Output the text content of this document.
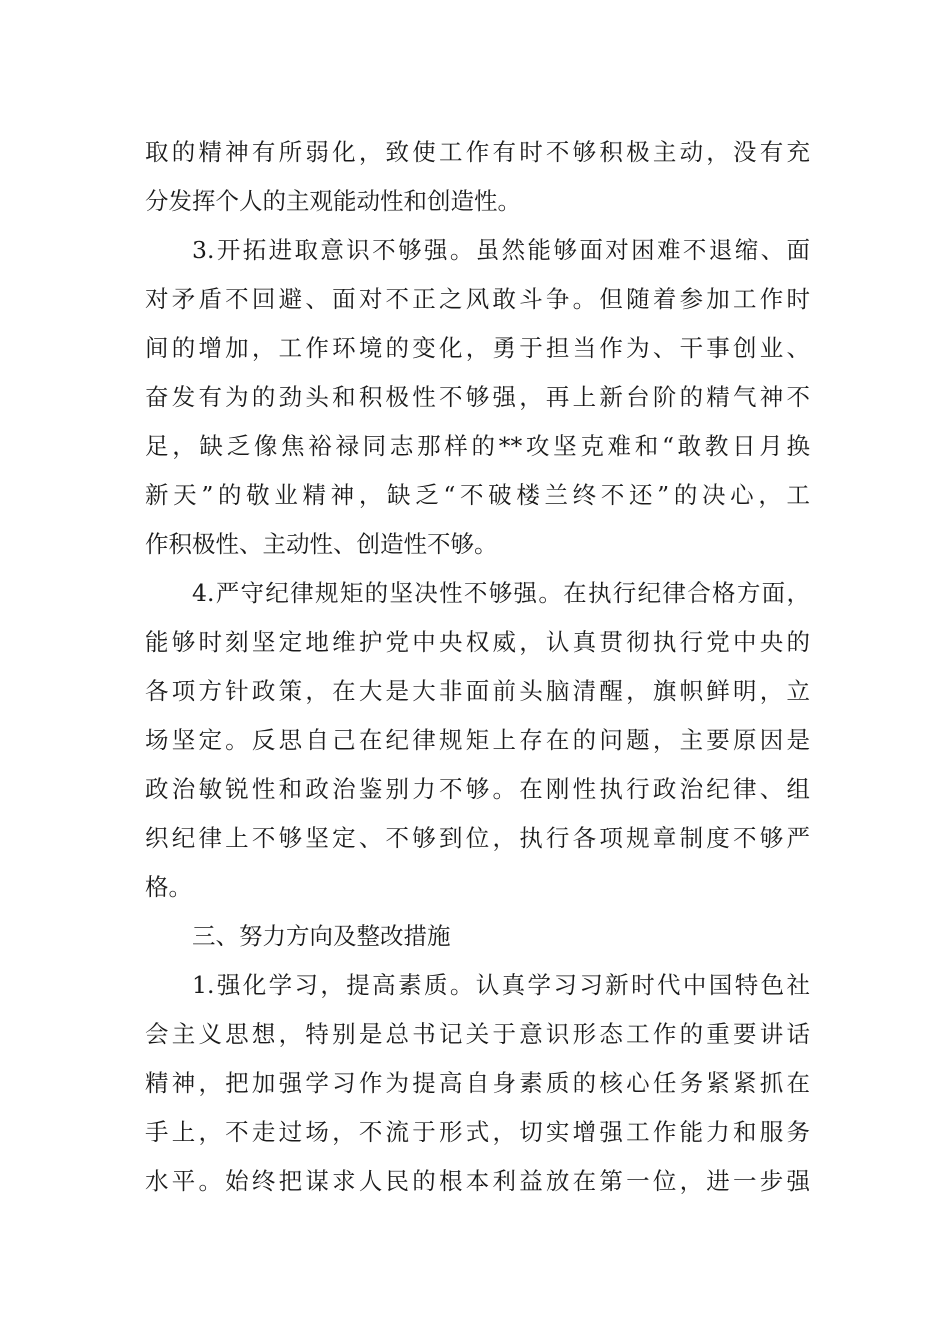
取的精神有所弱化，致使工作有时不够积极主动，没有充
分发挥个人的主观能动性和创造性。
3.开拓进取意识不够强。虽然能够面对困难不退缩、面
对矛盾不回避、面对不正之风敢斗争。但随着参加工作时
间的增加，工作环境的变化，勇于担当作为、干事创业、
奋发有为的劲头和积极性不够强，再上新台阶的精气神不
足，缺乏像焦裕禄同志那样的**攻坚克难和“敢教日月换
新天”的敬业精神，缺乏“不破楼兰终不还”的决心，工
作积极性、主动性、创造性不够。
4.严守纪律规矩的坚决性不够强。在执行纪律合格方面，
能够时刻坚定地维护党中央权威，认真贯彻执行党中央的
各项方针政策，在大是大非面前头脑清醒，旗帜鲜明，立
场坚定。反思自己在纪律规矩上存在的问题，主要原因是
政治敏锐性和政治鉴别力不够。在刚性执行政治纪律、组
织纪律上不够坚定、不够到位，执行各项规章制度不够严
格。
三、努力方向及整改措施
1.强化学习，提高素质。认真学习习新时代中国特色社
会主义思想，特别是总书记关于意识形态工作的重要讲话
精神，把加强学习作为提高自身素质的核心任务紧紧抓在
手上，不走过场，不流于形式，切实增强工作能力和服务
水平。始终把谋求人民的根本利益放在第一位，进一步强
